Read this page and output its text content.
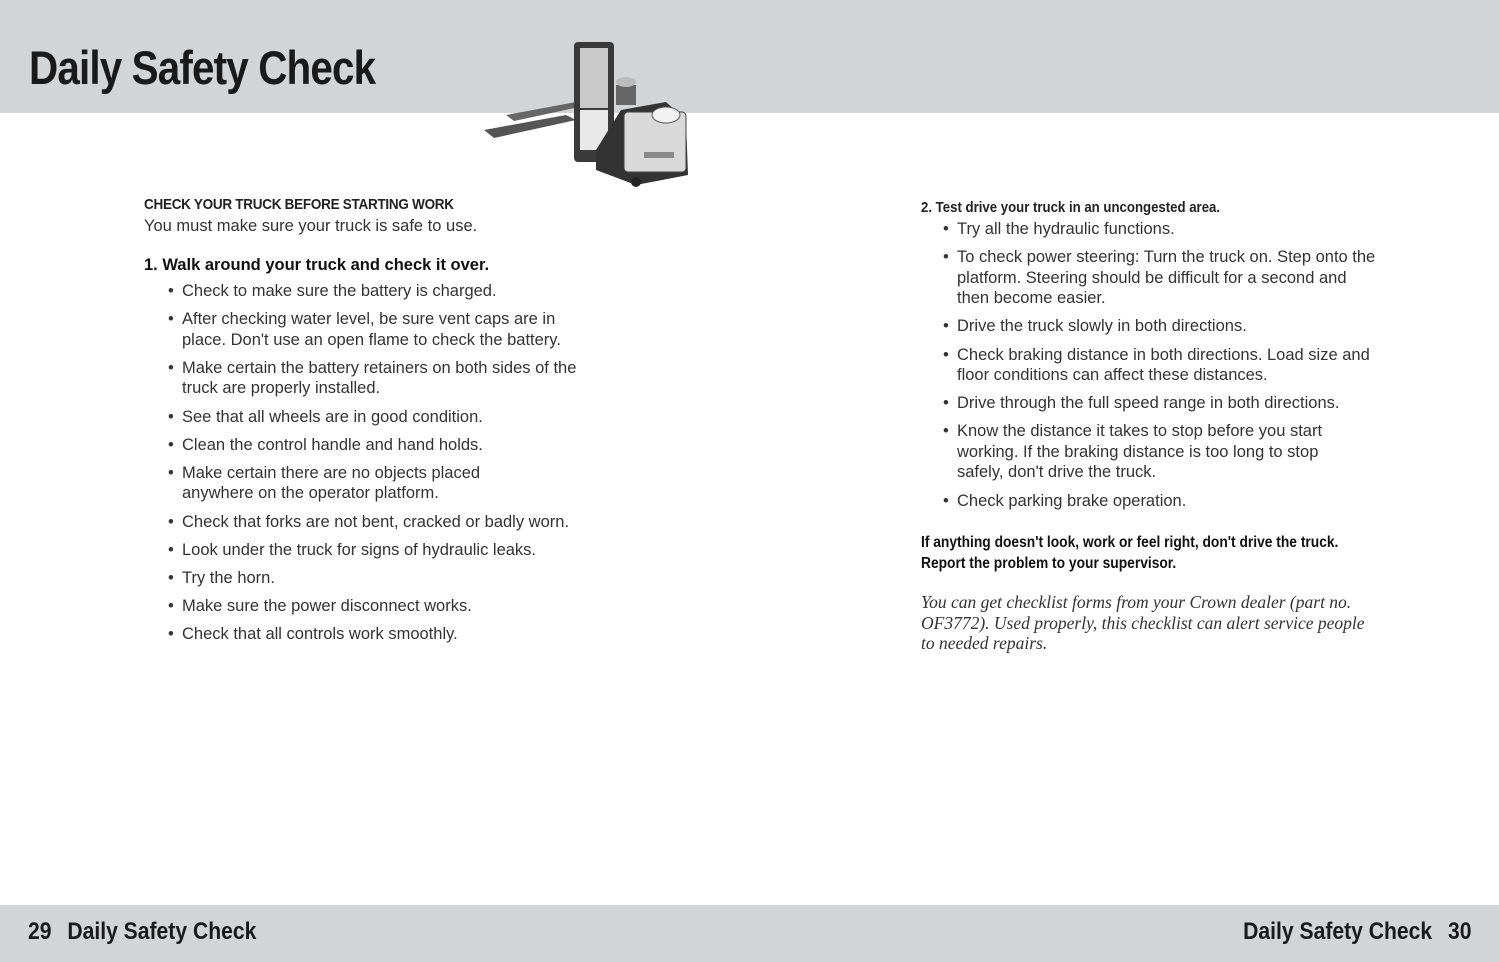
Daily Safety Check

CHECK YOUR TRUCK BEFORE STARTING WORK

You must make sure your truck is safe to use.

1. Walk around your truck and check it over.

• Check to make sure the battery is charged.
• After checking water level, be sure vent caps are in place. Don't use an open flame to check the battery.
• Make certain the battery retainers on both sides of the truck are properly installed.
• See that all wheels are in good condition.
• Clean the control handle and hand holds.
• Make certain there are no objects placed anywhere on the operator platform.
• Check that forks are not bent, cracked or badly worn.
• Look under the truck for signs of hydraulic leaks.
• Try the horn.
• Make sure the power disconnect works.
• Check that all controls work smoothly.

2. Test drive your truck in an uncongested area.

• Try all the hydraulic functions.
• To check power steering: Turn the truck on. Step onto the platform. Steering should be difficult for a second and then become easier.
• Drive the truck slowly in both directions.
• Check braking distance in both directions. Load size and floor conditions can affect these distances.
• Drive through the full speed range in both directions.
• Know the distance it takes to stop before you start working. If the braking distance is too long to stop safely, don't drive the truck.
• Check parking brake operation.

If anything doesn't look, work or feel right, don't drive the truck. Report the problem to your supervisor.

You can get checklist forms from your Crown dealer (part no. OF3772). Used properly, this checklist can alert service people to needed repairs.

29 Daily Safety Check	Daily Safety Check 30
